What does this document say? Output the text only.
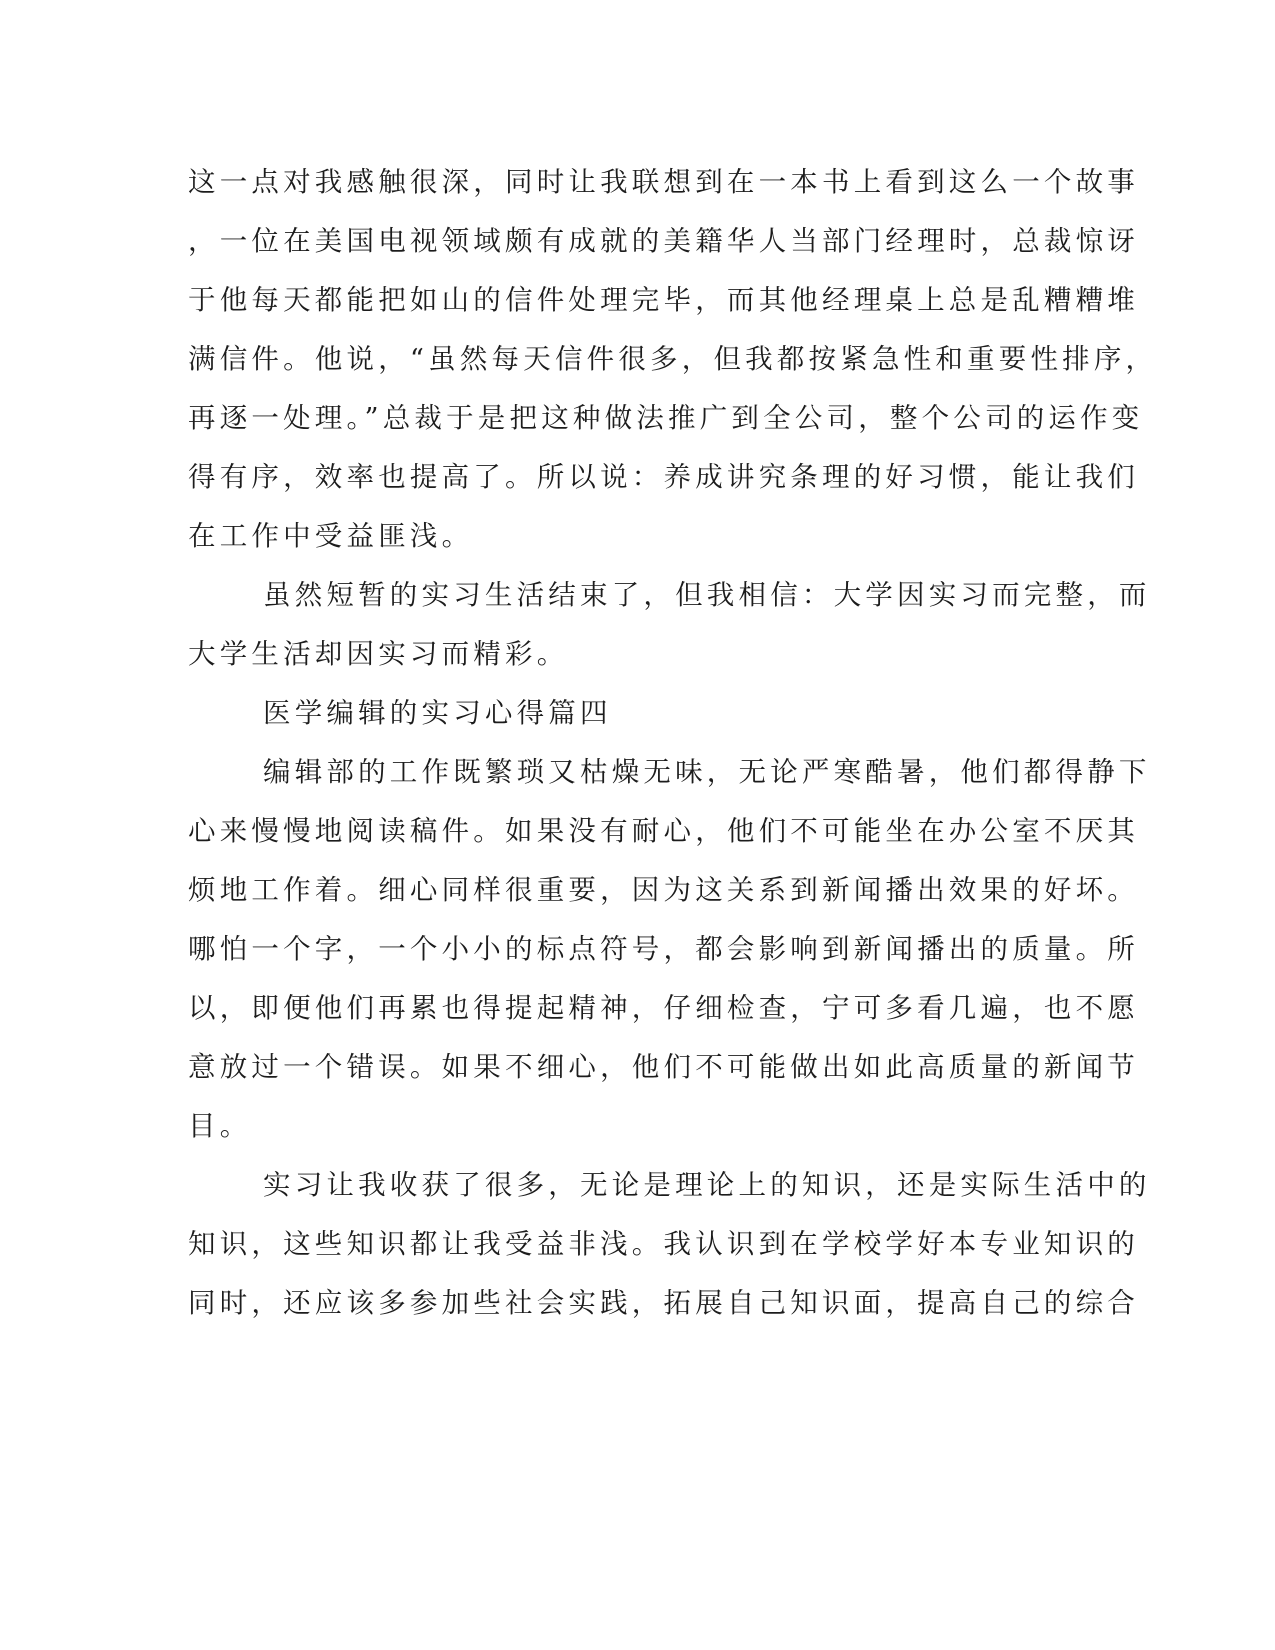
这一点对我感触很深，同时让我联想到在一本书上看到这么一个故事

，一位在美国电视领域颇有成就的美籍华人当部门经理时，总裁惊讶

于他每天都能把如山的信件处理完毕，而其他经理桌上总是乱糟糟堆

满信件。他说，“虽然每天信件很多，但我都按紧急性和重要性排序，

再逐一处理。”总裁于是把这种做法推广到全公司，整个公司的运作变

得有序，效率也提高了。所以说：养成讲究条理的好习惯，能让我们

在工作中受益匪浅。

虽然短暂的实习生活结束了，但我相信：大学因实习而完整，而

大学生活却因实习而精彩。

医学编辑的实习心得篇四

编辑部的工作既繁琐又枯燥无味，无论严寒酷暑，他们都得静下

心来慢慢地阅读稿件。如果没有耐心，他们不可能坐在办公室不厌其

烦地工作着。细心同样很重要，因为这关系到新闻播出效果的好坏。

哪怕一个字，一个小小的标点符号，都会影响到新闻播出的质量。所

以，即便他们再累也得提起精神，仔细检查，宁可多看几遍，也不愿

意放过一个错误。如果不细心，他们不可能做出如此高质量的新闻节

目。

实习让我收获了很多，无论是理论上的知识，还是实际生活中的

知识，这些知识都让我受益非浅。我认识到在学校学好本专业知识的

同时，还应该多参加些社会实践，拓展自己知识面，提高自己的综合
